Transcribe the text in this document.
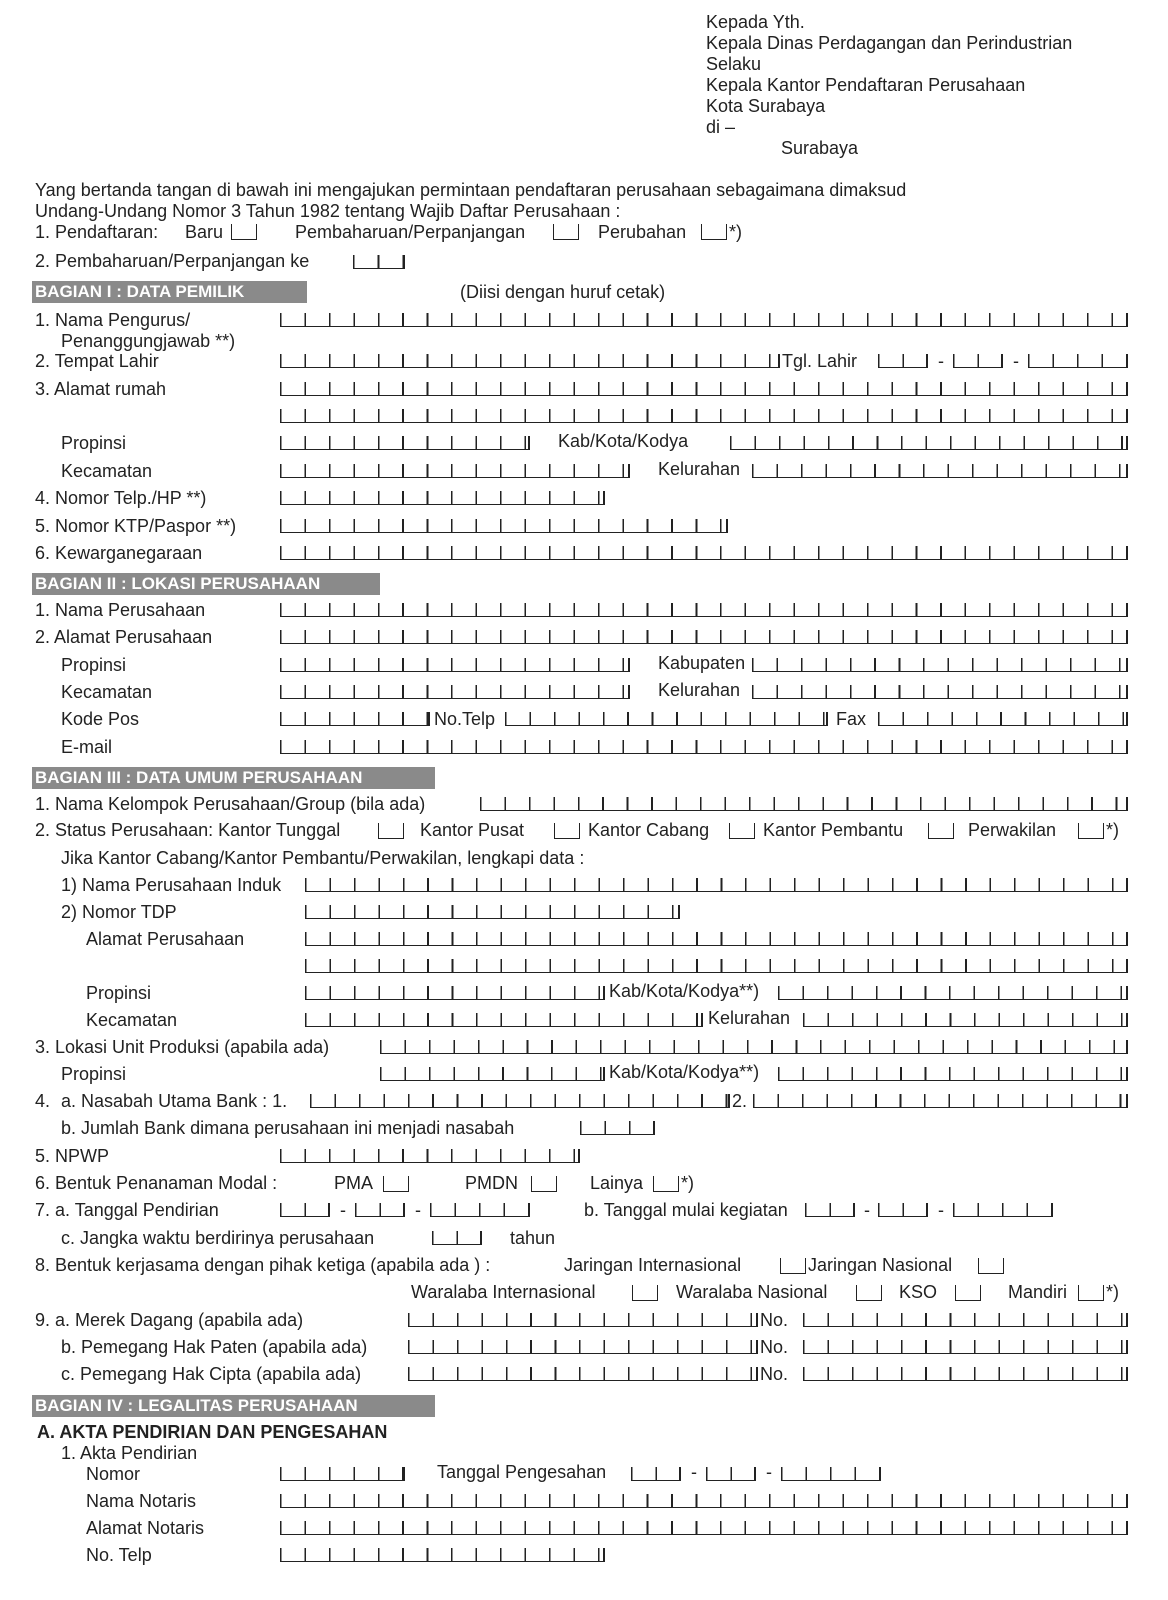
Kepada Yth.
Kepala Dinas Perdagangan dan Perindustrian
Selaku
Kepala Kantor Pendaftaran Perusahaan
Kota Surabaya
di –
Surabaya
Yang bertanda tangan di bawah ini mengajukan permintaan pendaftaran perusahaan sebagaimana dimaksud
Undang-Undang Nomor 3 Tahun 1982 tentang Wajib Daftar Perusahaan :
1. Pendaftaran: Baru	Pembaharuan/Perpanjangan	Perubahan *)
2. Pembaharuan/Perpanjangan ke
BAGIAN I : DATA PEMILIK	(Diisi dengan huruf cetak)
1. Nama Pengurus/
Penanggungjawab **)
2. Tempat Lahir	Tgl. Lahir	-	-
3. Alamat rumah
Propinsi	Kab/Kota/Kodya
Kecamatan	Kelurahan
4. Nomor Telp./HP **)
5. Nomor KTP/Paspor **)
6. Kewarganegaraan
BAGIAN II : LOKASI PERUSAHAAN
1. Nama Perusahaan
2. Alamat Perusahaan
Propinsi	Kabupaten
Kecamatan	Kelurahan
Kode Pos	No.Telp	Fax
E-mail
BAGIAN III : DATA UMUM PERUSAHAAN
1. Nama Kelompok Perusahaan/Group (bila ada)
2. Status Perusahaan: Kantor Tunggal	Kantor Pusat	Kantor Cabang	Kantor Pembantu	Perwakilan	*)
Jika Kantor Cabang/Kantor Pembantu/Perwakilan, lengkapi data :
1) Nama Perusahaan Induk
2) Nomor TDP
Alamat Perusahaan
Propinsi	Kab/Kota/Kodya**)
Kecamatan	Kelurahan
3. Lokasi Unit Produksi (apabila ada)
Propinsi	Kab/Kota/Kodya**)
4. a. Nasabah Utama Bank : 1.	2.
b. Jumlah Bank dimana perusahaan ini menjadi nasabah
5. NPWP
6. Bentuk Penanaman Modal :	PMA	PMDN	Lainya *)
7. a. Tanggal Pendirian	-	-	b. Tanggal mulai kegiatan	-	-
c. Jangka waktu berdirinya perusahaan	tahun
8. Bentuk kerjasama dengan pihak ketiga (apabila ada ) :	Jaringan Internasional	Jaringan Nasional
Waralaba Internasional	Waralaba Nasional	KSO	Mandiri *)
9. a. Merek Dagang (apabila ada)	No.
b. Pemegang Hak Paten (apabila ada)	No.
c. Pemegang Hak Cipta (apabila ada)	No.
BAGIAN IV : LEGALITAS PERUSAHAAN
A. AKTA PENDIRIAN DAN PENGESAHAN
1. Akta Pendirian
Nomor	Tanggal Pengesahan	-	-
Nama Notaris
Alamat Notaris
No. Telp
